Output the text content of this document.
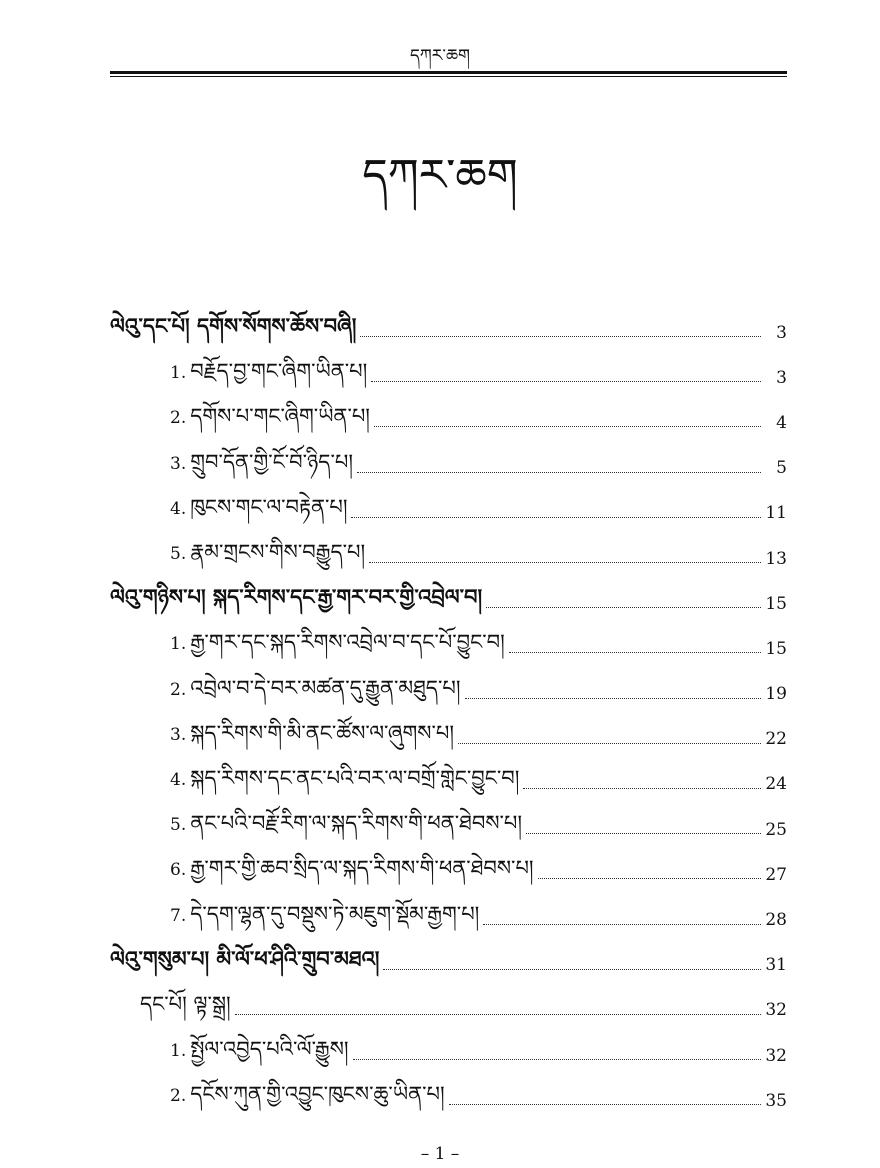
དཀར་ཆག
དཀར་ཆག
ལེའུ་དང་པོ། དགོས་སོགས་ཆོས་བཞི།	3
1. བརྗོད་བྱ་གང་ཞིག་ཡིན་པ།	3
2. དགོས་པ་གང་ཞིག་ཡིན་པ།	4
3. གྲུབ་དོན་གྱི་ངོ་བོ་ཉིད་པ།	5
4. ཁུངས་གང་ལ་བརྟེན་པ།	11
5. རྣམ་གྲངས་གིས་བརྒྱུད་པ།	13
ལེའུ་གཉིས་པ། སྐད་རིགས་དང་རྒྱ་གར་བར་གྱི་འབྲེལ་བ།	15
1. རྒྱ་གར་དང་སྐད་རིགས་འབྲེལ་བ་དང་པོ་བྱུང་བ།	15
2. འབྲེལ་བ་དེ་བར་མཚན་དུ་རྒྱུན་མཐུད་པ།	19
3. སྐད་རིགས་གི་མི་ནང་ཚོས་ལ་ཞུགས་པ།	22
4. སྐད་རིགས་དང་ནང་པའི་བར་ལ་བགྲོ་གླེང་བྱུང་བ།	24
5. ནང་པའི་བརྗོ་རིག་ལ་སྐད་རིགས་གི་ཕན་ཐེབས་པ།	25
6. རྒྱ་གར་གྱི་ཆབ་སྲིད་ལ་སྐད་རིགས་གི་ཕན་ཐེབས་པ།	27
7. དེ་དག་ལྷན་དུ་བསྡུས་ཏེ་མཇུག་སྡོམ་རྒྱག་པ།	28
ལེའུ་གསུམ་པ། མི་ལོ་ཕ་ཤིའི་གྲུབ་མཐའ།	31
དང་པོ། ལྟ་སྒྲ།	32
1. སྤྱོལ་འབྱེད་པའི་ལོ་རྒྱུས།	32
2. དངོས་ཀུན་གྱི་འབྱུང་ཁུངས་ཆུ་ཡིན་པ།	35
– 1 –
